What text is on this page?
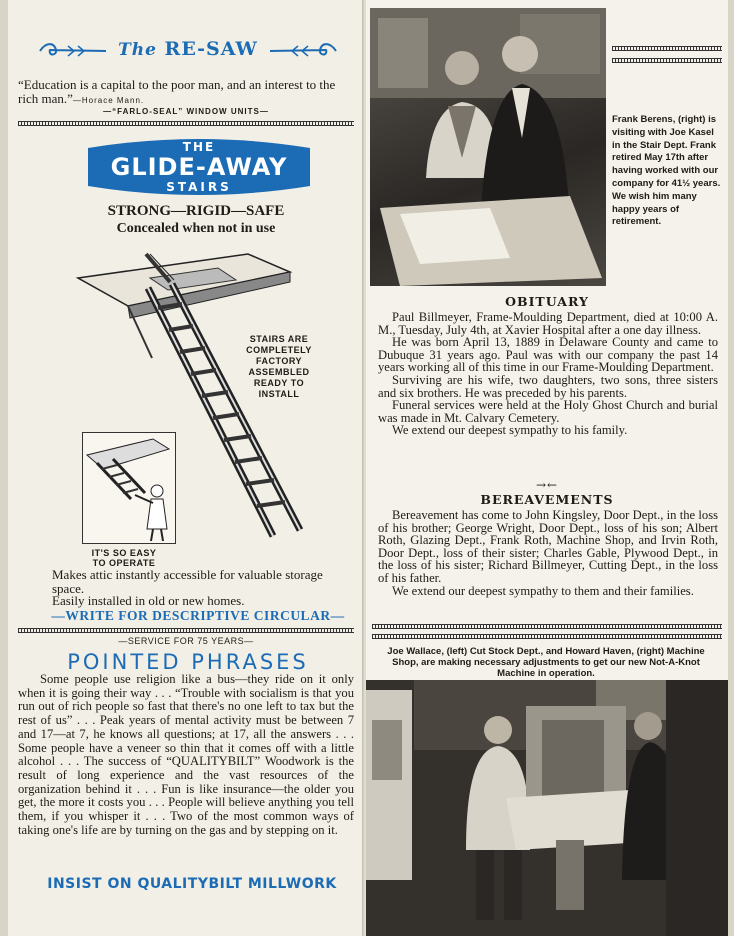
The RE-SAW
“Education is a capital to the poor man, and an interest to the rich man.”—Horace Mann.
—“FARLO-SEAL” WINDOW UNITS—
THE
GLIDE-AWAY
STAIRS
STRONG—RIGID—SAFE
Concealed when not in use
STAIRS ARE
COMPLETELY
FACTORY
ASSEMBLED
READY TO
INSTALL
IT'S SO EASY
TO OPERATE
Makes attic instantly accessible for valuable storage space.
Easily installed in old or new homes.
—WRITE FOR DESCRIPTIVE CIRCULAR—
—SERVICE FOR 75 YEARS—
POINTED PHRASES
Some people use religion like a bus—they ride on it only when it is going their way . . . “Trouble with socialism is that you run out of rich people so fast that there's no one left to tax but the rest of us” . . . Peak years of mental activity must be between 7 and 17—at 7, he knows all questions; at 17, all the answers . . . Some people have a veneer so thin that it comes off with a little alcohol . . . The success of “QUALITYBILT” Woodwork is the result of long experience and the vast resources of the organization behind it . . . Fun is like insurance—the older you get, the more it costs you . . . People will believe anything you tell them, if you whisper it . . . Two of the most common ways of taking one's life are by turning on the gas and by stepping on it.
INSIST ON QUALITYBILT MILLWORK
Frank Berens, (right) is visiting with Joe Kasel in the Stair Dept. Frank retired May 17th after having worked with our company for 41½ years. We wish him many happy years of retirement.
OBITUARY

Paul Billmeyer, Frame-Moulding Department, died at 10:00 A. M., Tuesday, July 4th, at Xavier Hospital after a one day illness.

He was born April 13, 1889 in Delaware County and came to Dubuque 31 years ago. Paul was with our company the past 14 years working all of this time in our Frame-Moulding Department.

Surviving are his wife, two daughters, two sons, three sisters and six brothers. He was preceded by his parents.

Funeral services were held at the Holy Ghost Church and burial was made in Mt. Calvary Cemetery.

We extend our deepest sympathy to his family.

→←
BEREAVEMENTS

Bereavement has come to John Kingsley, Door Dept., in the loss of his brother; George Wright, Door Dept., loss of his son; Albert Roth, Glazing Dept., Frank Roth, Machine Shop, and Irvin Roth, Door Dept., loss of their sister; Charles Gable, Plywood Dept., in the loss of his sister; Richard Billmeyer, Cutting Dept., in the loss of his father.

We extend our deepest sympathy to them and their families.

Joe Wallace, (left) Cut Stock Dept., and Howard Haven, (right) Machine Shop, are making necessary adjustments to get our new Not-A-Knot Machine in operation.
